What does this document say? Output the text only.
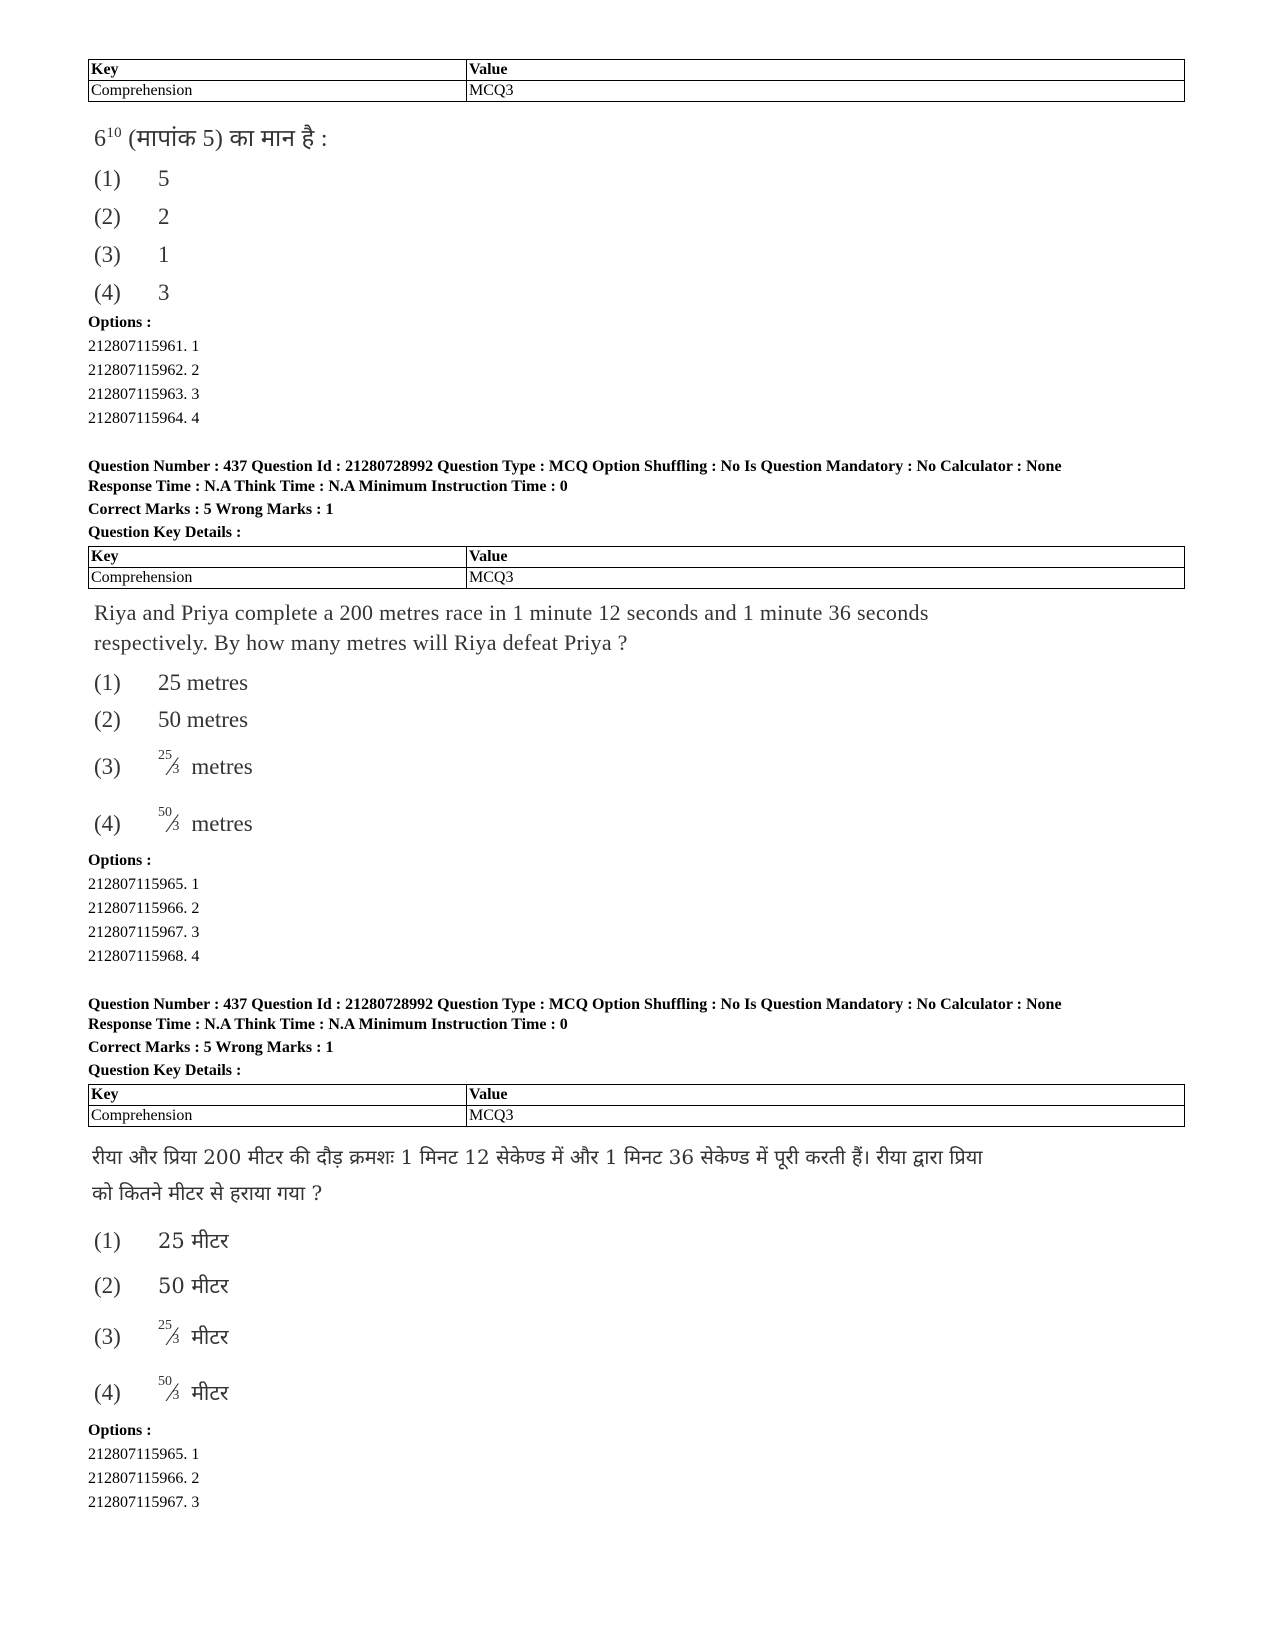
Key	Value
Comprehension	MCQ3
$6^{10}$ (मापांक 5) का मान है :
(1)	5
(2)	2
(3)	1
(4)	3
Options :
212807115961. 1
212807115962. 2
212807115963. 3
212807115964. 4
Question Number : 437 Question Id : 21280728992 Question Type : MCQ Option Shuffling : No Is Question Mandatory : No Calculator : None
Response Time : N.A Think Time : N.A Minimum Instruction Time : 0
Correct Marks : 5 Wrong Marks : 1
Question Key Details :
Key	Value
Comprehension	MCQ3
Riya and Priya complete a 200 metres race in 1 minute 12 seconds and 1 minute 36 seconds
respectively. By how many metres will Riya defeat Priya ?
(1)	25 metres
(2)	50 metres
(3)	$^{25}$
⁄
$_3$ metres
(4)	$^{50}$
⁄
$_3$ metres
Options :
212807115965. 1
212807115966. 2
212807115967. 3
212807115968. 4
Question Number : 437 Question Id : 21280728992 Question Type : MCQ Option Shuffling : No Is Question Mandatory : No Calculator : None
Response Time : N.A Think Time : N.A Minimum Instruction Time : 0
Correct Marks : 5 Wrong Marks : 1
Question Key Details :
Key	Value
Comprehension	MCQ3
रीया और प्रिया 200 मीटर की दौड़ क्रमशः 1 मिनट 12 सेकेण्ड में और 1 मिनट 36 सेकेण्ड में पूरी करती हैं। रीया द्वारा प्रिया
को कितने मीटर से हराया गया ?
(1)	25 मीटर
(2)	50 मीटर
(3)	$^{25}$
⁄
$_3$ मीटर
(4)	$^{50}$
⁄
$_3$ मीटर
Options :
212807115965. 1
212807115966. 2
212807115967. 3
